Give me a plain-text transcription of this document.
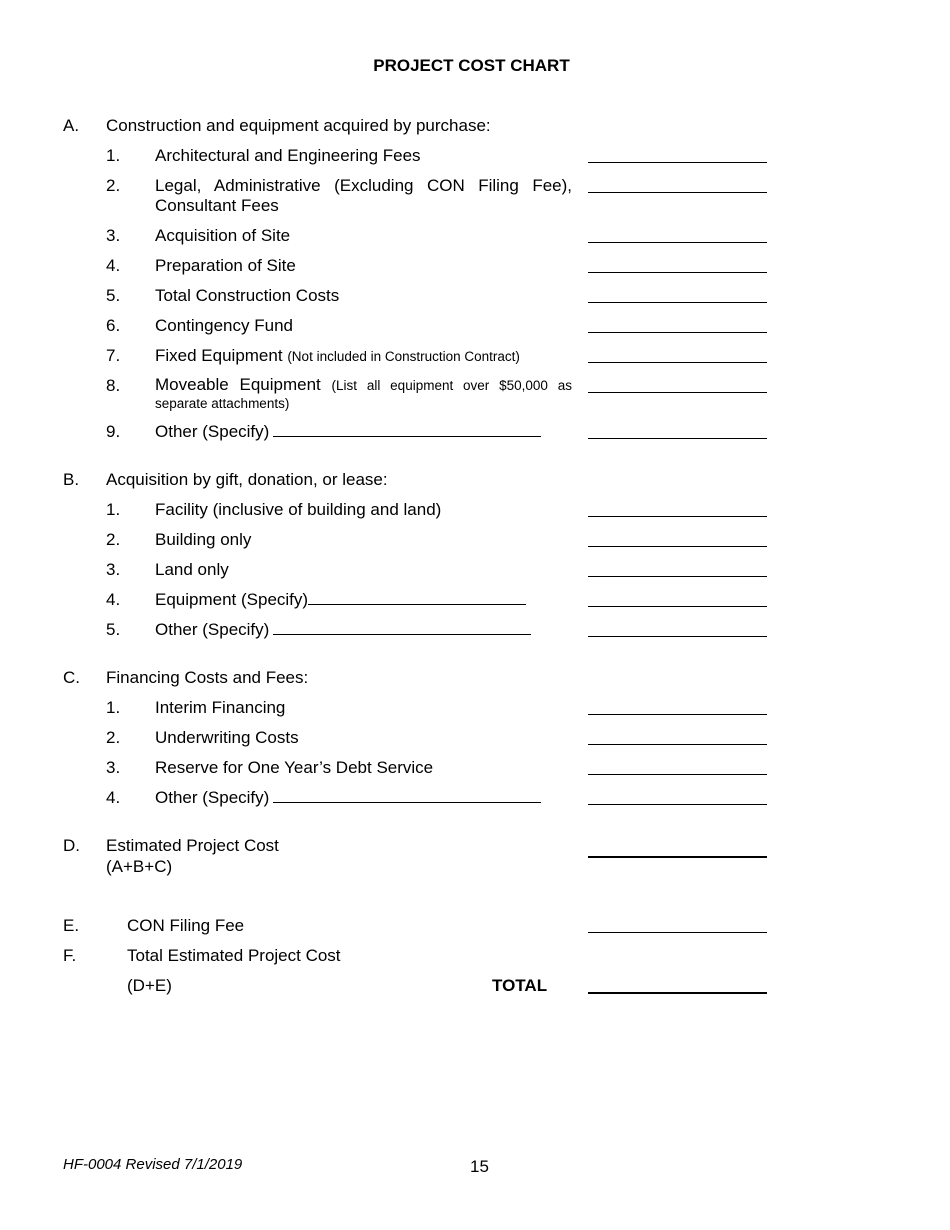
PROJECT COST CHART
A. Construction and equipment acquired by purchase:
1. Architectural and Engineering Fees
2. Legal, Administrative (Excluding CON Filing Fee), Consultant Fees
3. Acquisition of Site
4. Preparation of Site
5. Total Construction Costs
6. Contingency Fund
7. Fixed Equipment (Not included in Construction Contract)
8. Moveable Equipment (List all equipment over $50,000 as separate attachments)
9. Other (Specify)
B. Acquisition by gift, donation, or lease:
1. Facility (inclusive of building and land)
2. Building only
3. Land only
4. Equipment (Specify)
5. Other (Specify)
C. Financing Costs and Fees:
1. Interim Financing
2. Underwriting Costs
3. Reserve for One Year’s Debt Service
4. Other (Specify)
D. Estimated Project Cost
(A+B+C)
E.	CON Filing Fee
F.	Total Estimated Project Cost
(D+E)	TOTAL
HF-0004 Revised 7/1/2019	15
